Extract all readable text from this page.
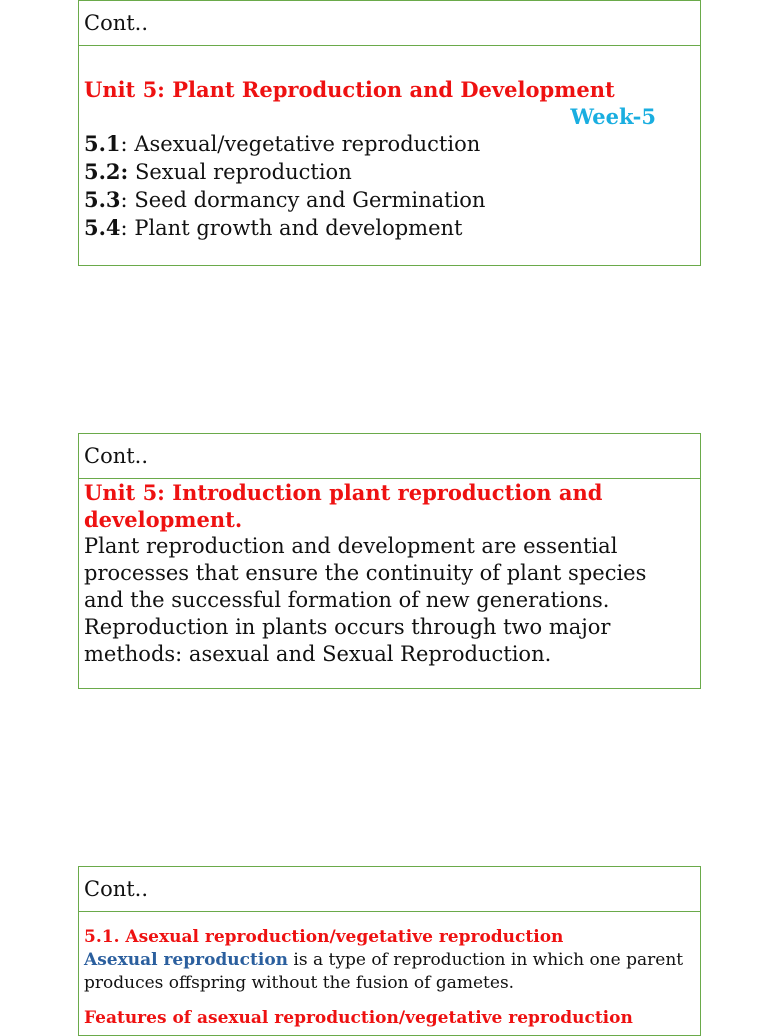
Cont..
Unit 5: Plant Reproduction and Development
Week-5
5.1: Asexual/vegetative reproduction
5.2: Sexual reproduction
5.3: Seed dormancy and Germination
5.4: Plant growth and development
Cont..
Unit 5: Introduction plant reproduction and development.
Plant reproduction and development are essential processes that ensure the continuity of plant species and the successful formation of new generations. Reproduction in plants occurs through two major methods: asexual and Sexual Reproduction.
Cont..
5.1. Asexual reproduction/vegetative reproduction
Asexual reproduction is a type of reproduction in which one parent produces offspring without the fusion of gametes.
Features of asexual reproduction/vegetative reproduction
